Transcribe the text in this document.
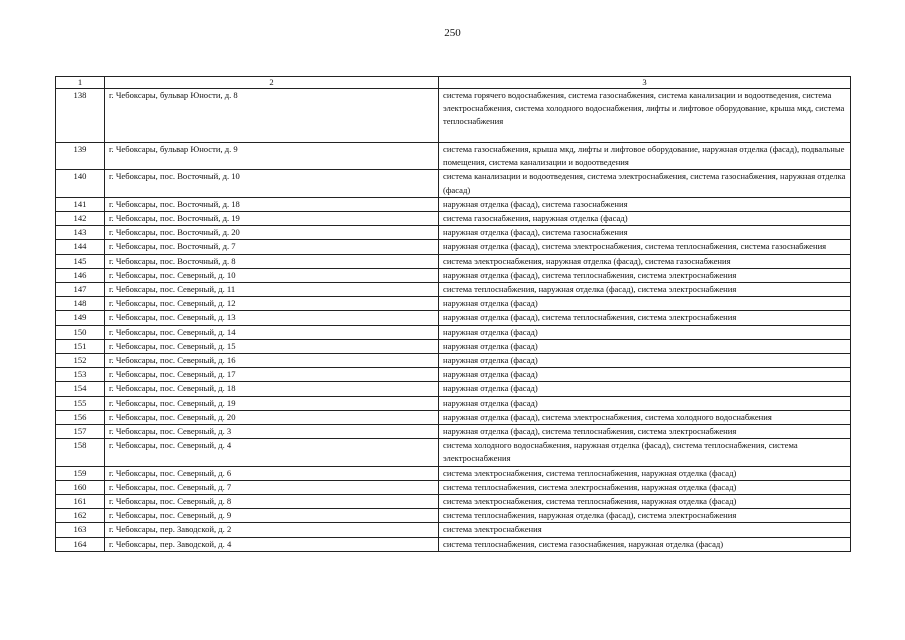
250
1	2	3
138	г. Чебоксары, бульвар Юности, д. 8	система горячего водоснабжения, система газоснабжения, система канализации и водоотведения, система электроснабжения, система холодного водоснабжения, лифты и лифтовое оборудование, крыша мкд, система теплоснабжения
139	г. Чебоксары, бульвар Юности, д. 9	система газоснабжения, крыша мкд, лифты и лифтовое оборудование, наружная отделка (фасад), подвальные помещения, система канализации и водоотведения
140	г. Чебоксары, пос. Восточный, д. 10	система канализации и водоотведения, система электроснабжения, система газоснабжения, наружная отделка (фасад)
141	г. Чебоксары, пос. Восточный, д. 18	наружная отделка (фасад), система газоснабжения
142	г. Чебоксары, пос. Восточный, д. 19	система газоснабжения, наружная отделка (фасад)
143	г. Чебоксары, пос. Восточный, д. 20	наружная отделка (фасад), система газоснабжения
144	г. Чебоксары, пос. Восточный, д. 7	наружная отделка (фасад), система электроснабжения, система теплоснабжения, система газоснабжения
145	г. Чебоксары, пос. Восточный, д. 8	система электроснабжения, наружная отделка (фасад), система газоснабжения
146	г. Чебоксары, пос. Северный, д. 10	наружная отделка (фасад), система теплоснабжения, система электроснабжения
147	г. Чебоксары, пос. Северный, д. 11	система теплоснабжения, наружная отделка (фасад), система электроснабжения
148	г. Чебоксары, пос. Северный, д. 12	наружная отделка (фасад)
149	г. Чебоксары, пос. Северный, д. 13	наружная отделка (фасад), система теплоснабжения, система электроснабжения
150	г. Чебоксары, пос. Северный, д. 14	наружная отделка (фасад)
151	г. Чебоксары, пос. Северный, д. 15	наружная отделка (фасад)
152	г. Чебоксары, пос. Северный, д. 16	наружная отделка (фасад)
153	г. Чебоксары, пос. Северный, д. 17	наружная отделка (фасад)
154	г. Чебоксары, пос. Северный, д. 18	наружная отделка (фасад)
155	г. Чебоксары, пос. Северный, д. 19	наружная отделка (фасад)
156	г. Чебоксары, пос. Северный, д. 20	наружная отделка (фасад), система электроснабжения, система холодного водоснабжения
157	г. Чебоксары, пос. Северный, д. 3	наружная отделка (фасад), система теплоснабжения, система электроснабжения
158	г. Чебоксары, пос. Северный, д. 4	система холодного водоснабжения, наружная отделка (фасад), система теплоснабжения, система электроснабжения
159	г. Чебоксары, пос. Северный, д. 6	система электроснабжения, система теплоснабжения, наружная отделка (фасад)
160	г. Чебоксары, пос. Северный, д. 7	система теплоснабжения, система электроснабжения, наружная отделка (фасад)
161	г. Чебоксары, пос. Северный, д. 8	система электроснабжения, система теплоснабжения, наружная отделка (фасад)
162	г. Чебоксары, пос. Северный, д. 9	система теплоснабжения, наружная отделка (фасад), система электроснабжения
163	г. Чебоксары, пер. Заводской, д. 2	система электроснабжения
164	г. Чебоксары, пер. Заводской, д. 4	система теплоснабжения, система газоснабжения, наружная отделка (фасад)
